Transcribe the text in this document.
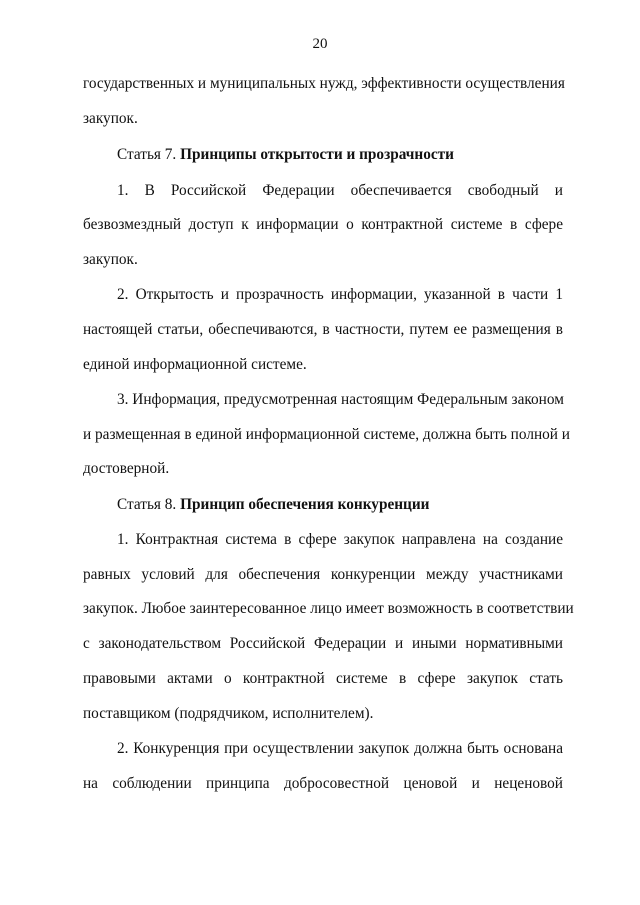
20
государственных и муниципальных нужд, эффективности осуществления
закупок.
Статья 7. Принципы открытости и прозрачности
1. В Российской Федерации обеспечивается свободный и
безвозмездный доступ к информации о контрактной системе в сфере
закупок.
2. Открытость и прозрачность информации, указанной в части 1
настоящей статьи, обеспечиваются, в частности, путем ее размещения в
единой информационной системе.
3. Информация, предусмотренная настоящим Федеральным законом
и размещенная в единой информационной системе, должна быть полной и
достоверной.
Статья 8. Принцип обеспечения конкуренции
1. Контрактная система в сфере закупок направлена на создание
равных условий для обеспечения конкуренции между участниками
закупок. Любое заинтересованное лицо имеет возможность в соответствии
с законодательством Российской Федерации и иными нормативными
правовыми актами о контрактной системе в сфере закупок стать
поставщиком (подрядчиком, исполнителем).
2. Конкуренция при осуществлении закупок должна быть основана
на соблюдении принципа добросовестной ценовой и неценовой
